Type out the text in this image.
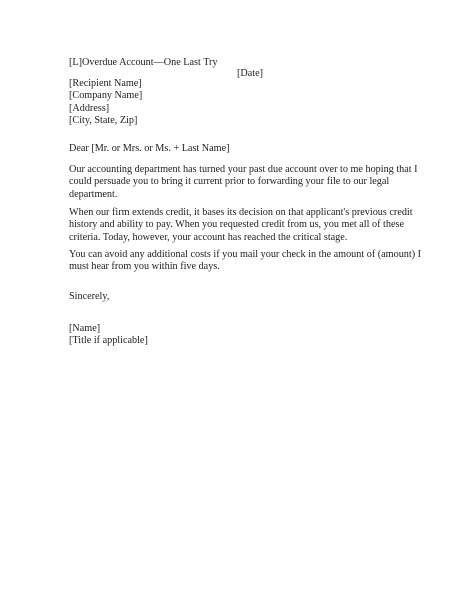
[L]Overdue Account—One Last Try

[Date]

[Recipient Name]
[Company Name]
[Address]
[City, State, Zip]

Dear [Mr. or Mrs. or Ms. + Last Name]

Our accounting department has turned your past due account over to me hoping that I
could persuade you to bring it current prior to forwarding your file to our legal
department.
When our firm extends credit, it bases its decision on that applicant's previous credit
history and ability to pay. When you requested credit from us, you met all of these
criteria. Today, however, your account has reached the critical stage.
You can avoid any additional costs if you mail your check in the amount of (amount) I
must hear from you within five days.

Sincerely,

[Name]
[Title if applicable]
